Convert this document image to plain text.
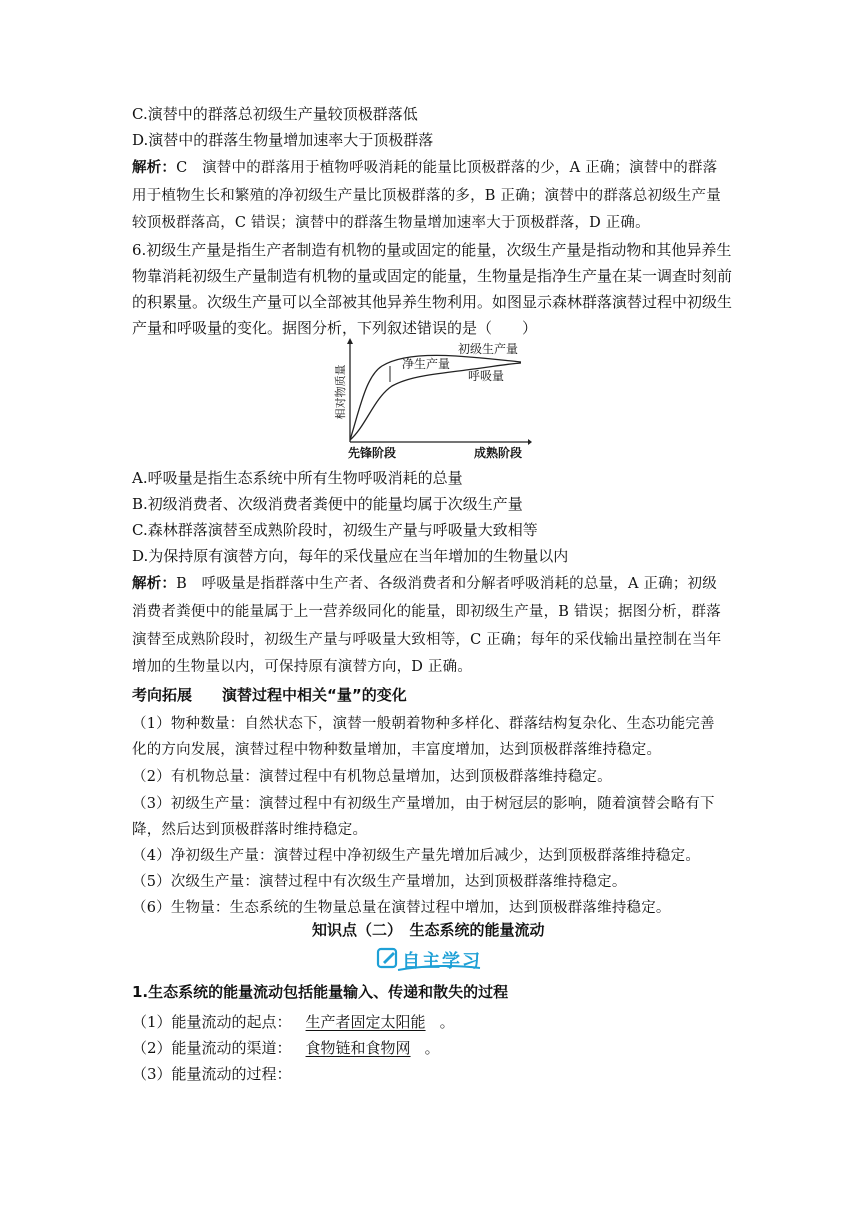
C.演替中的群落总初级生产量较顶极群落低
D.演替中的群落生物量增加速率大于顶极群落
解析：C　演替中的群落用于植物呼吸消耗的能量比顶极群落的少，A 正确；演替中的群落
用于植物生长和繁殖的净初级生产量比顶极群落的多，B 正确；演替中的群落总初级生产量
较顶极群落高，C 错误；演替中的群落生物量增加速率大于顶极群落，D 正确。
6.初级生产量是指生产者制造有机物的量或固定的能量，次级生产量是指动物和其他异养生
物靠消耗初级生产量制造有机物的量或固定的能量，生物量是指净生产量在某一调查时刻前
的积累量。次级生产量可以全部被其他异养生物利用。如图显示森林群落演替过程中初级生
产量和呼吸量的变化。据图分析，下列叙述错误的是（　　）
相对物质量
净生产量
初级生产量
呼吸量
先锋阶段	成熟阶段
A.呼吸量是指生态系统中所有生物呼吸消耗的总量
B.初级消费者、次级消费者粪便中的能量均属于次级生产量
C.森林群落演替至成熟阶段时，初级生产量与呼吸量大致相等
D.为保持原有演替方向，每年的采伐量应在当年增加的生物量以内
解析：B　呼吸量是指群落中生产者、各级消费者和分解者呼吸消耗的总量，A 正确；初级
消费者粪便中的能量属于上一营养级同化的能量，即初级生产量，B 错误；据图分析，群落
演替至成熟阶段时，初级生产量与呼吸量大致相等，C 正确；每年的采伐输出量控制在当年
增加的生物量以内，可保持原有演替方向，D 正确。
考向拓展　　演替过程中相关“量”的变化
（1）物种数量：自然状态下，演替一般朝着物种多样化、群落结构复杂化、生态功能完善
化的方向发展，演替过程中物种数量增加，丰富度增加，达到顶极群落维持稳定。
（2）有机物总量：演替过程中有机物总量增加，达到顶极群落维持稳定。
（3）初级生产量：演替过程中有初级生产量增加，由于树冠层的影响，随着演替会略有下
降，然后达到顶极群落时维持稳定。
（4）净初级生产量：演替过程中净初级生产量先增加后减少，达到顶极群落维持稳定。
（5）次级生产量：演替过程中有次级生产量增加，达到顶极群落维持稳定。
（6）生物量：生态系统的生物量总量在演替过程中增加，达到顶极群落维持稳定。
知识点（二）　生态系统的能量流动
自主学习
1.生态系统的能量流动包括能量输入、传递和散失的过程
（1）能量流动的起点： 生产者固定太阳能 。
（2）能量流动的渠道： 食物链和食物网 。
（3）能量流动的过程：
